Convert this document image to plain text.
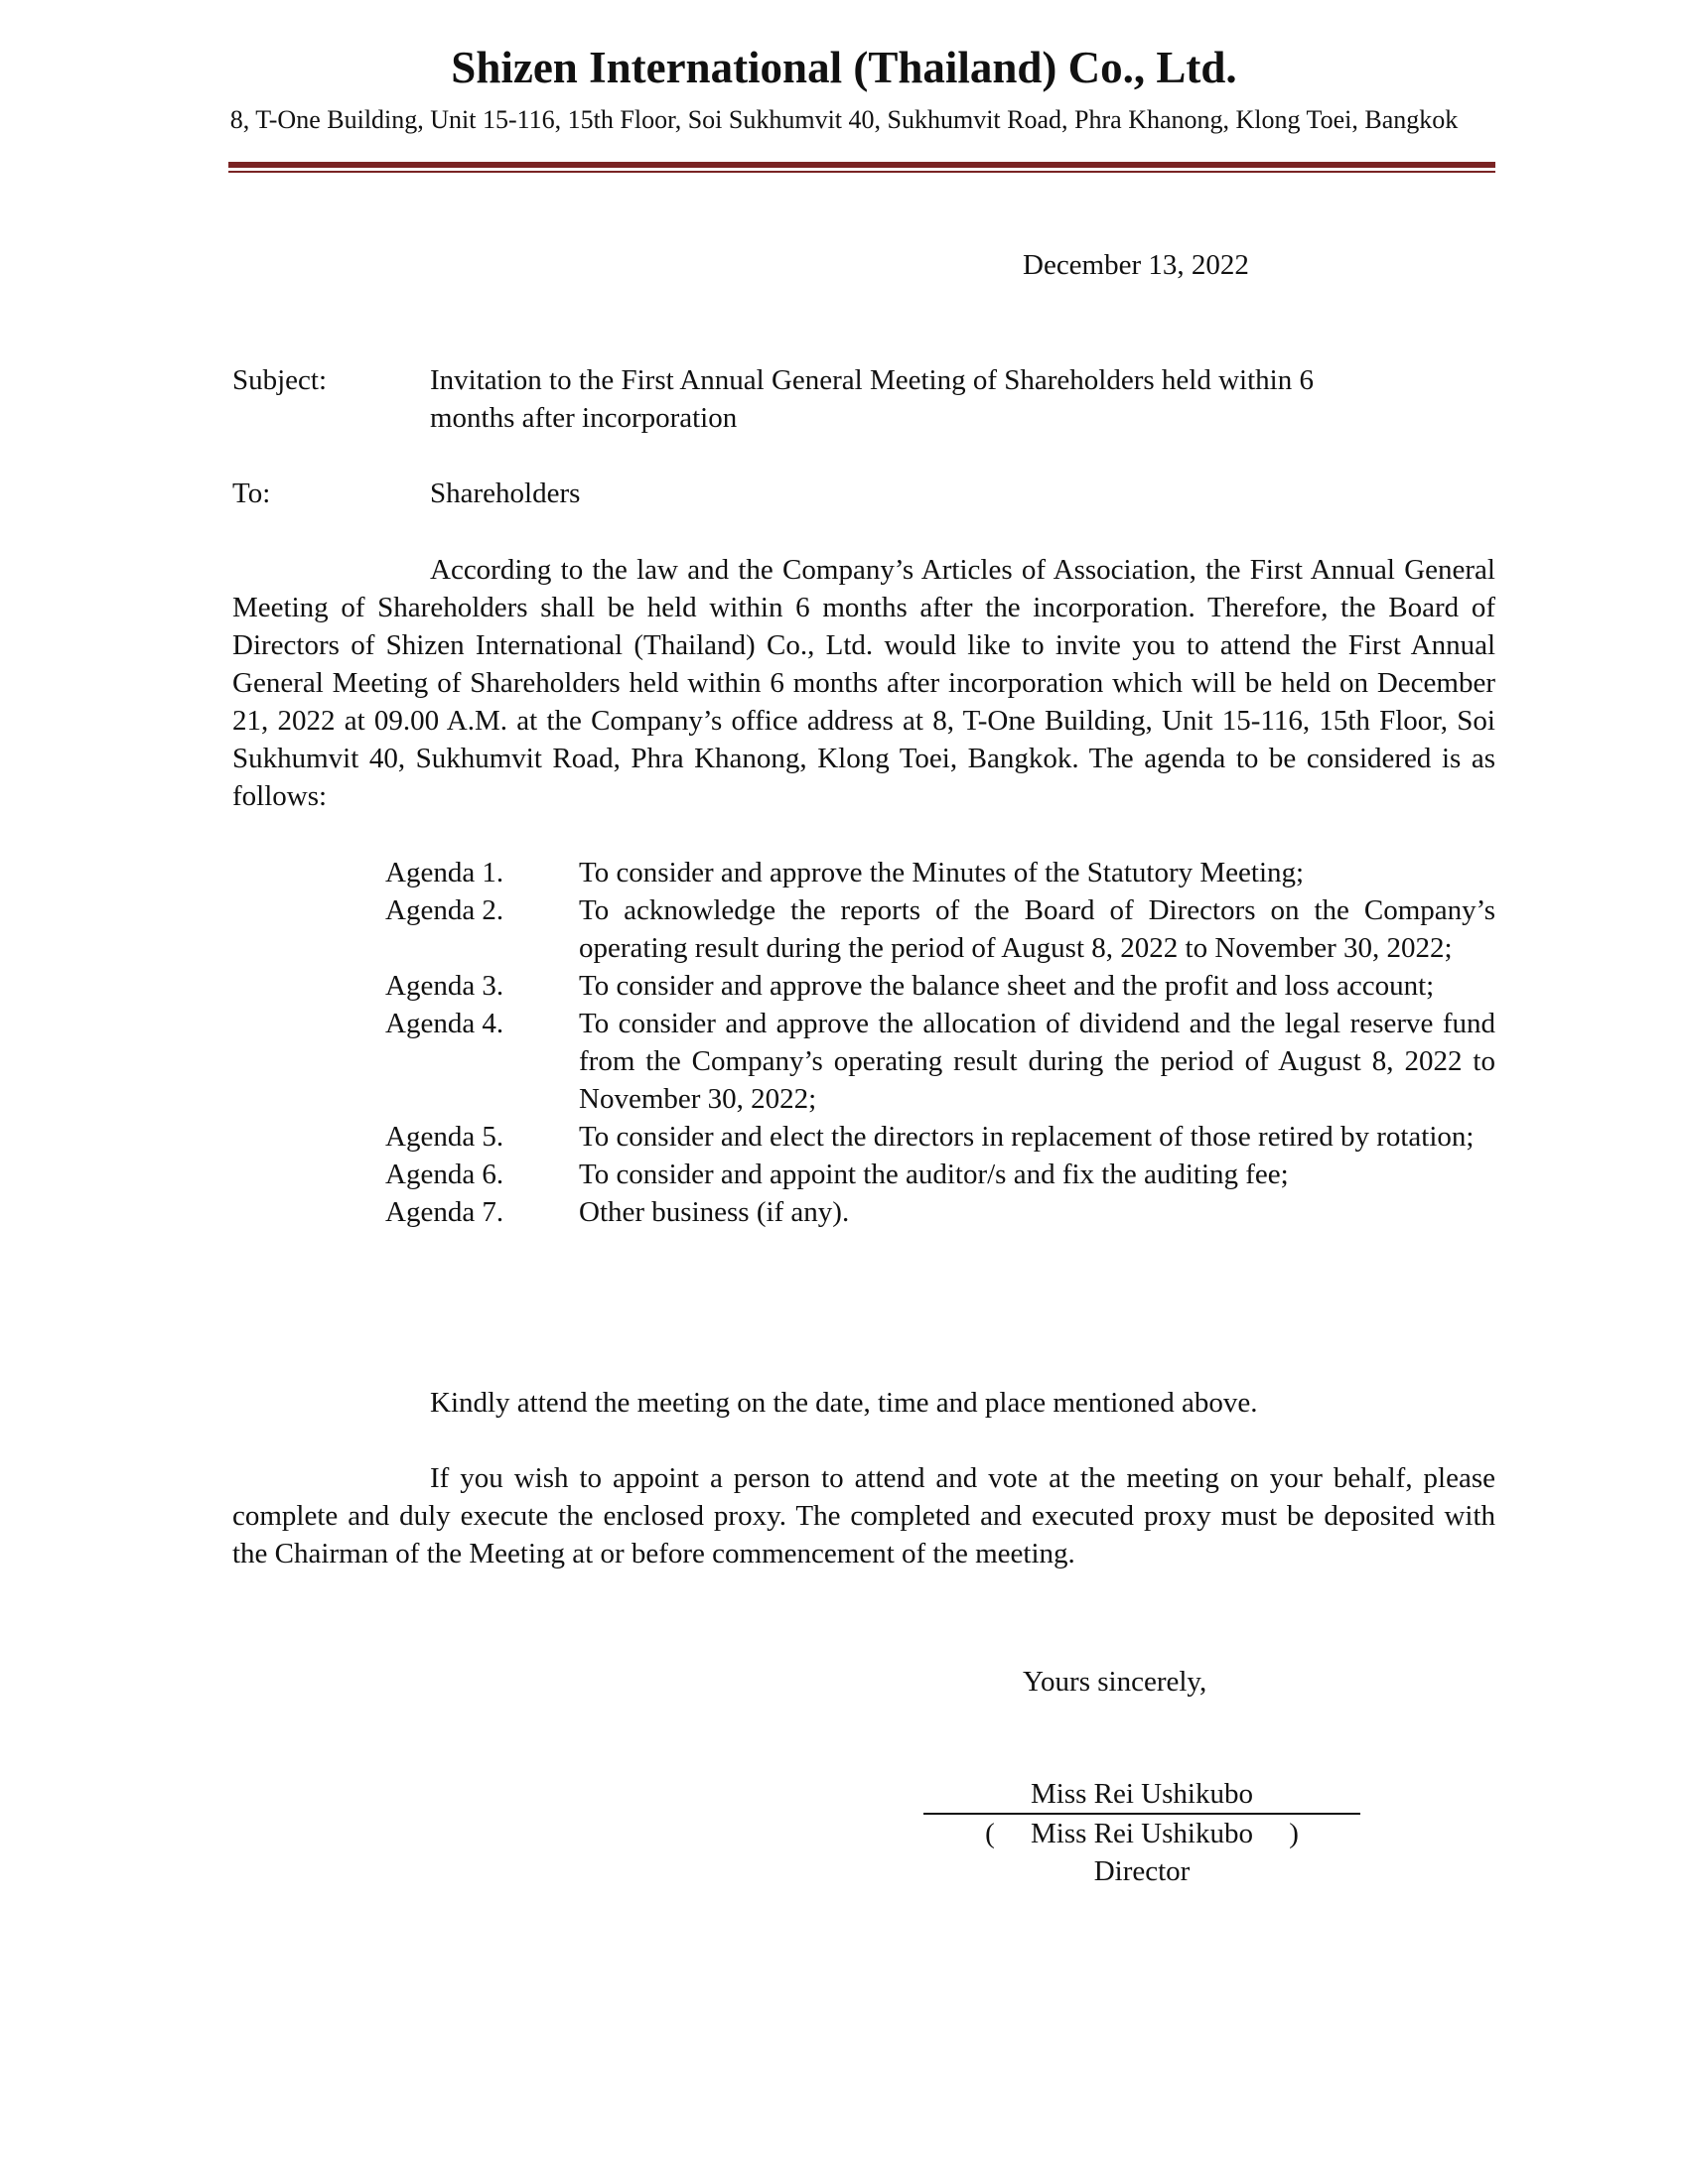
Shizen International (Thailand) Co., Ltd.
8, T-One Building, Unit 15-116, 15th Floor, Soi Sukhumvit 40, Sukhumvit Road, Phra Khanong, Klong Toei, Bangkok
December 13, 2022
Subject:	Invitation to the First Annual General Meeting of Shareholders held within 6 months after incorporation
To:	Shareholders

According to the law and the Company’s Articles of Association, the First Annual General Meeting of Shareholders shall be held within 6 months after the incorporation. Therefore, the Board of Directors of Shizen International (Thailand) Co., Ltd. would like to invite you to attend the First Annual General Meeting of Shareholders held within 6 months after incorporation which will be held on December 21, 2022 at 09.00 A.M. at the Company’s office address at 8, T-One Building, Unit 15-116, 15th Floor, Soi Sukhumvit 40, Sukhumvit Road, Phra Khanong, Klong Toei, Bangkok. The agenda to be considered is as follows:

Agenda 1.	To consider and approve the Minutes of the Statutory Meeting;
Agenda 2.	To acknowledge the reports of the Board of Directors on the Company’s operating result during the period of August 8, 2022 to November 30, 2022;
Agenda 3.	To consider and approve the balance sheet and the profit and loss account;
Agenda 4.	To consider and approve the allocation of dividend and the legal reserve fund from the Company’s operating result during the period of August 8, 2022 to November 30, 2022;
Agenda 5.	To consider and elect the directors in replacement of those retired by rotation;
Agenda 6.	To consider and appoint the auditor/s and fix the auditing fee;
Agenda 7.	Other business (if any).

Kindly attend the meeting on the date, time and place mentioned above.

If you wish to appoint a person to attend and vote at the meeting on your behalf, please complete and duly execute the enclosed proxy. The completed and executed proxy must be deposited with the Chairman of the Meeting at or before commencement of the meeting.

Yours sincerely,
Miss Rei Ushikubo
( Miss Rei Ushikubo )
Director
